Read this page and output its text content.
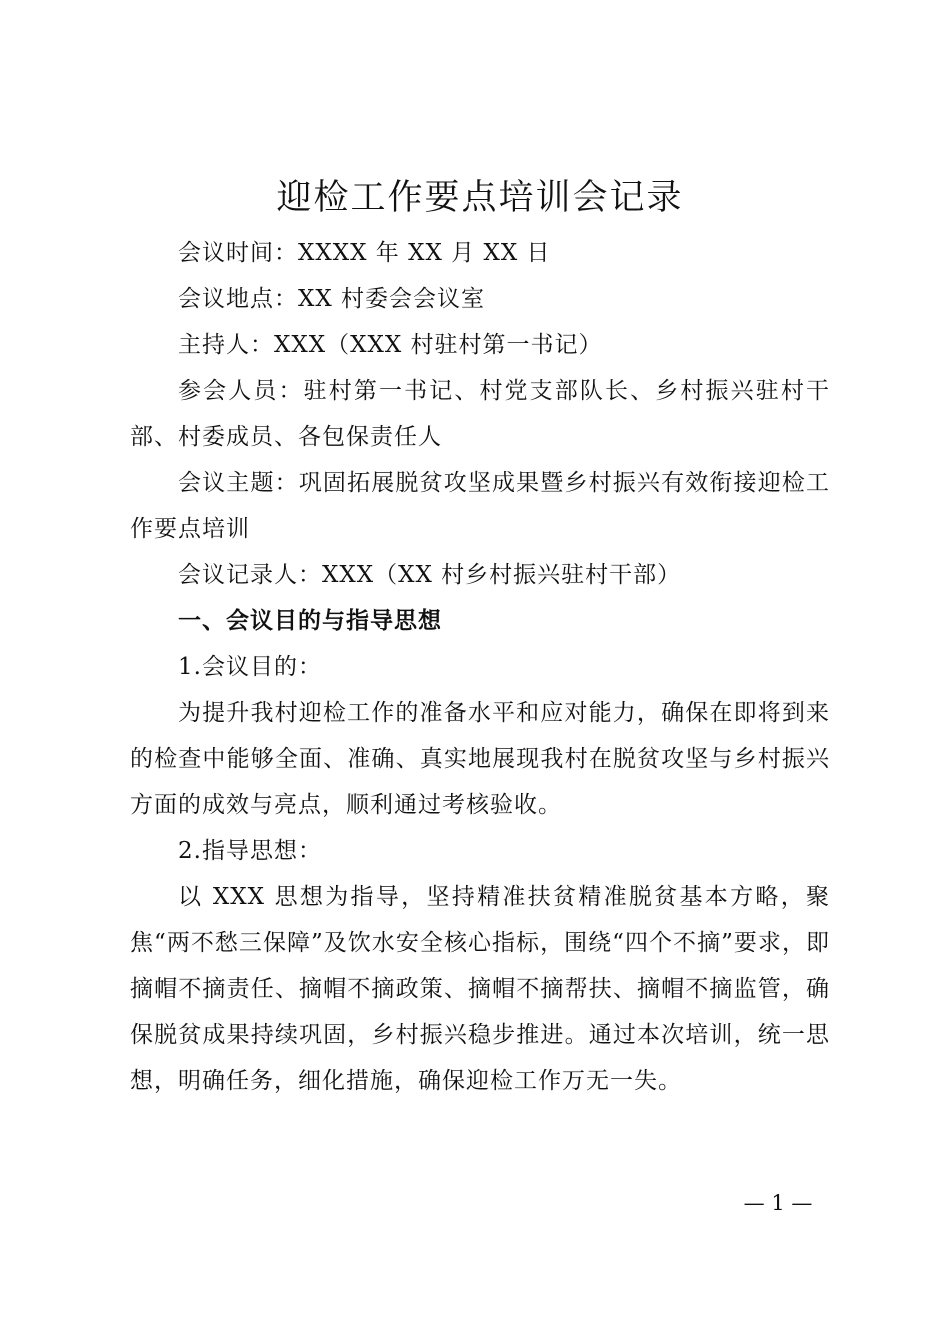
迎检工作要点培训会记录

会议时间：XXXX 年 XX 月 XX 日

会议地点：XX 村委会会议室

主持人：XXX（XXX 村驻村第一书记）

参会人员：驻村第一书记、村党支部队长、乡村振兴驻村干部、村委成员、各包保责任人

会议主题：巩固拓展脱贫攻坚成果暨乡村振兴有效衔接迎检工作要点培训

会议记录人：XXX（XX 村乡村振兴驻村干部）

一、会议目的与指导思想

1.会议目的：

为提升我村迎检工作的准备水平和应对能力，确保在即将到来的检查中能够全面、准确、真实地展现我村在脱贫攻坚与乡村振兴方面的成效与亮点，顺利通过考核验收。

2.指导思想：

以 XXX 思想为指导，坚持精准扶贫精准脱贫基本方略，聚焦“两不愁三保障”及饮水安全核心指标，围绕“四个不摘”要求，即摘帽不摘责任、摘帽不摘政策、摘帽不摘帮扶、摘帽不摘监管，确保脱贫成果持续巩固，乡村振兴稳步推进。通过本次培训，统一思想，明确任务，细化措施，确保迎检工作万无一失。

— 1 —
